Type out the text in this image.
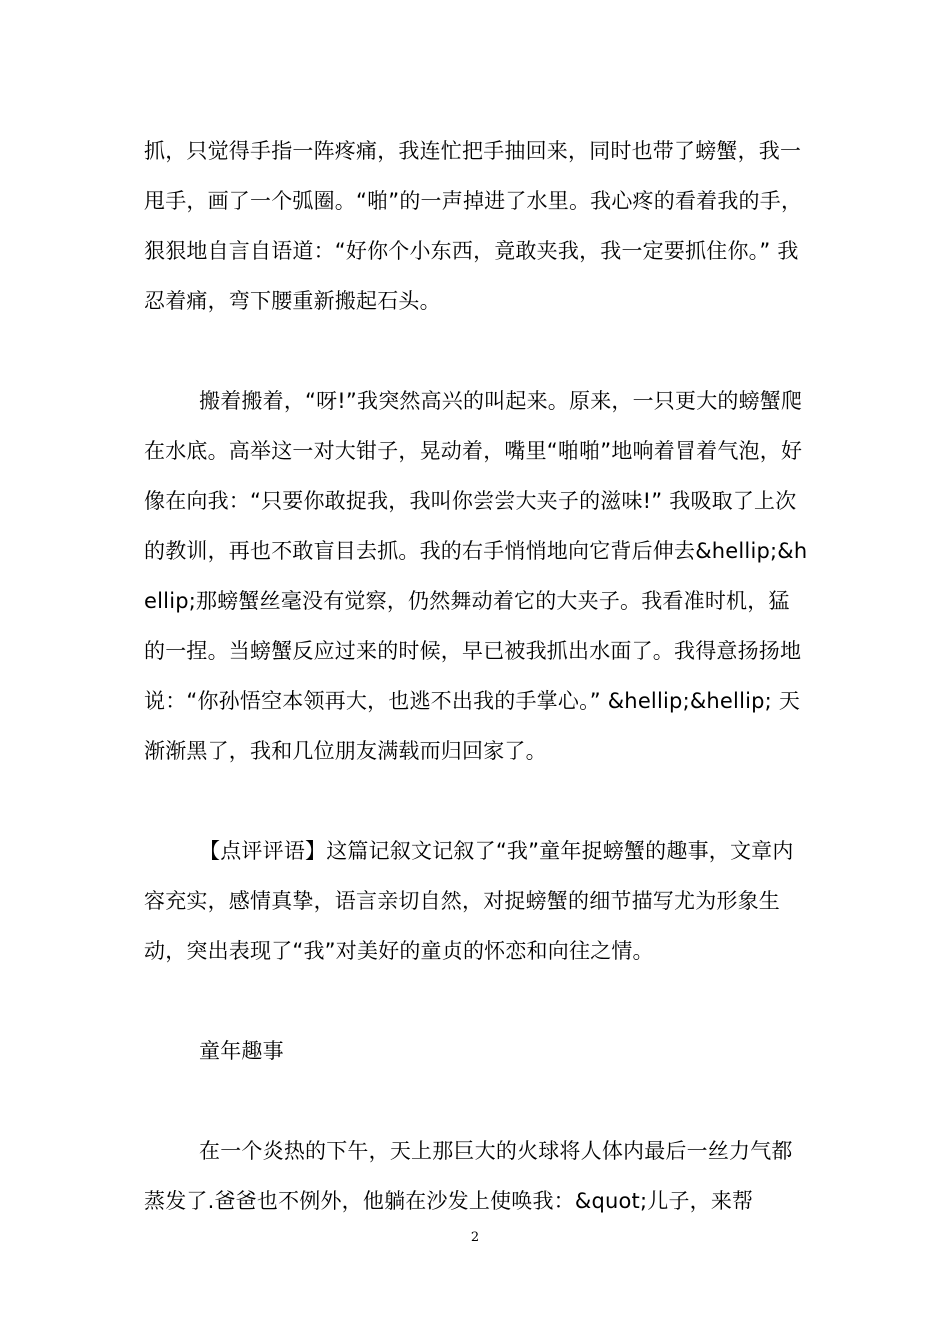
抓，只觉得手指一阵疼痛，我连忙把手抽回来，同时也带了螃蟹，我一甩手，画了一个弧圈。“啪”的一声掉进了水里。我心疼的看着我的手，狠狠地自言自语道：“好你个小东西，竟敢夹我，我一定要抓住你。” 我忍着痛，弯下腰重新搬起石头。

搬着搬着，“呀!”我突然高兴的叫起来。原来，一只更大的螃蟹爬在水底。高举这一对大钳子，晃动着，嘴里“啪啪”地响着冒着气泡，好像在向我：“只要你敢捉我，我叫你尝尝大夹子的滋味!” 我吸取了上次的教训，再也不敢盲目去抓。我的右手悄悄地向它背后伸去&hellip;&hellip;那螃蟹丝毫没有觉察，仍然舞动着它的大夹子。我看准时机，猛的一捏。当螃蟹反应过来的时候，早已被我抓出水面了。我得意扬扬地说：“你孙悟空本领再大，也逃不出我的手掌心。” &hellip;&hellip; 天渐渐黑了，我和几位朋友满载而归回家了。

【点评评语】这篇记叙文记叙了“我”童年捉螃蟹的趣事，文章内容充实，感情真挚，语言亲切自然，对捉螃蟹的细节描写尤为形象生动，突出表现了“我”对美好的童贞的怀恋和向往之情。

童年趣事

在一个炎热的下午，天上那巨大的火球将人体内最后一丝力气都蒸发了.爸爸也不例外，他躺在沙发上使唤我：&quot;儿子，来帮

2
